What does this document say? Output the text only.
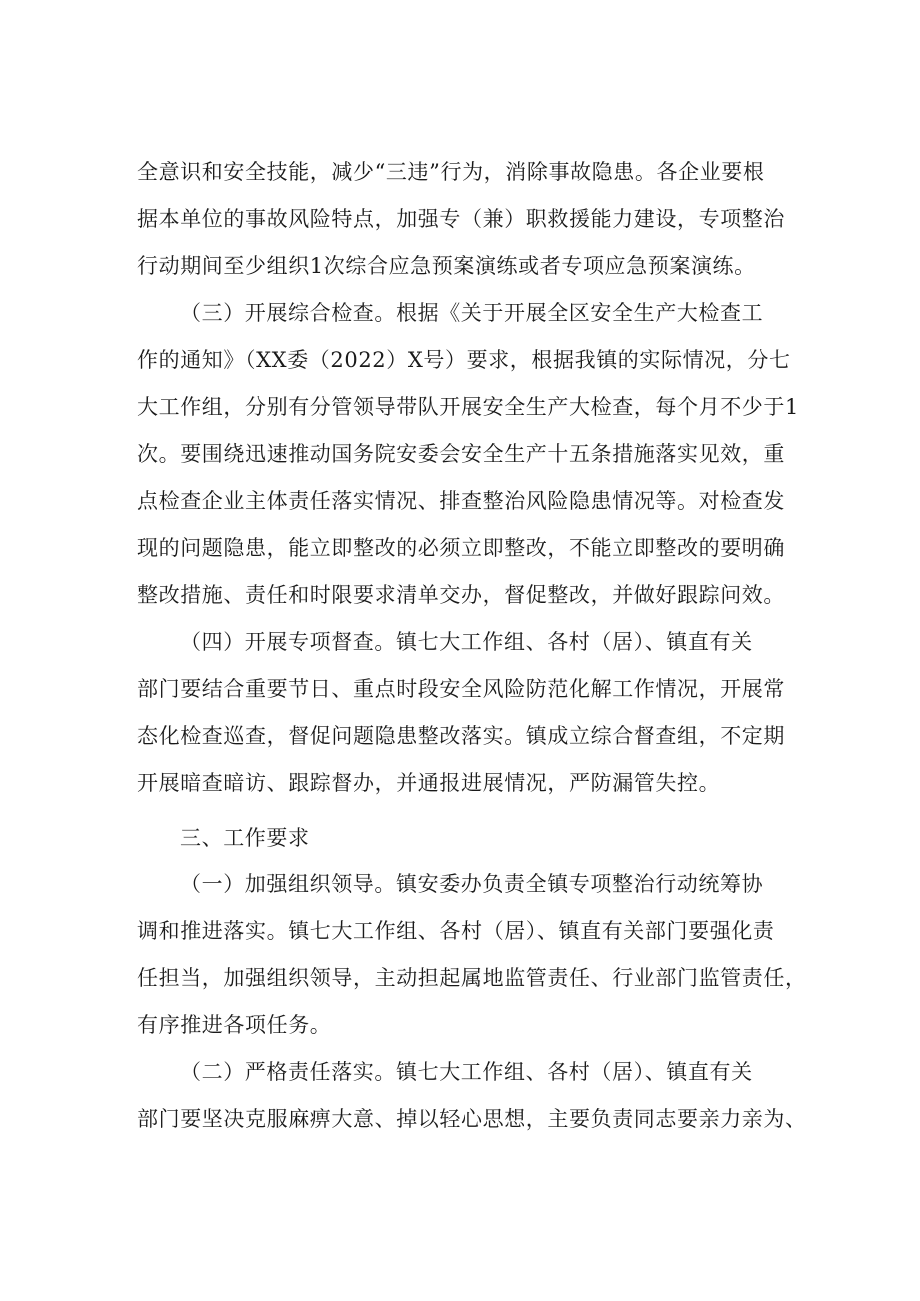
全意识和安全技能，减少“三违”行为，消除事故隐患。各企业要根
据本单位的事故风险特点，加强专（兼）职救援能力建设，专项整治
行动期间至少组织1次综合应急预案演练或者专项应急预案演练。
（三）开展综合检查。根据《关于开展全区安全生产大检查工
作的通知》（XX委（2022）X号）要求，根据我镇的实际情况，分七
大工作组，分别有分管领导带队开展安全生产大检查，每个月不少于1
次。要围绕迅速推动国务院安委会安全生产十五条措施落实见效，重
点检查企业主体责任落实情况、排查整治风险隐患情况等。对检查发
现的问题隐患，能立即整改的必须立即整改，不能立即整改的要明确
整改措施、责任和时限要求清单交办，督促整改，并做好跟踪问效。
（四）开展专项督查。镇七大工作组、各村（居）、镇直有关
部门要结合重要节日、重点时段安全风险防范化解工作情况，开展常
态化检查巡查，督促问题隐患整改落实。镇成立综合督查组，不定期
开展暗查暗访、跟踪督办，并通报进展情况，严防漏管失控。
三、工作要求
（一）加强组织领导。镇安委办负责全镇专项整治行动统筹协
调和推进落实。镇七大工作组、各村（居）、镇直有关部门要强化责
任担当，加强组织领导，主动担起属地监管责任、行业部门监管责任，
有序推进各项任务。
（二）严格责任落实。镇七大工作组、各村（居）、镇直有关
部门要坚决克服麻痹大意、掉以轻心思想，主要负责同志要亲力亲为、
